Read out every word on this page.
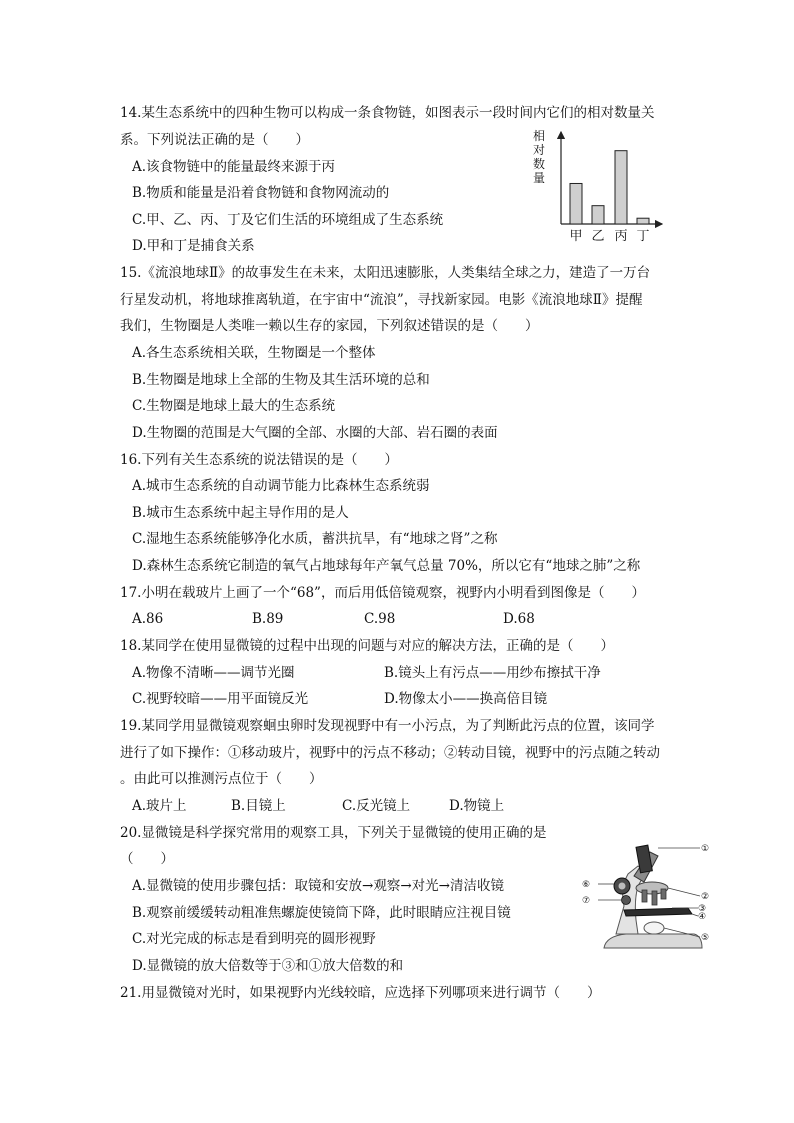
14.某生态系统中的四种生物可以构成一条食物链，如图表示一段时间内它们的相对数量关
系。下列说法正确的是（　　）
A.该食物链中的能量最终来源于丙
B.物质和能量是沿着食物链和食物网流动的
C.甲、乙、丙、丁及它们生活的环境组成了生态系统
D.甲和丁是捕食关系
相对数量
甲 乙 丙 丁
15.《流浪地球Ⅱ》的故事发生在未来，太阳迅速膨胀，人类集结全球之力，建造了一万台
行星发动机，将地球推离轨道，在宇宙中“流浪”，寻找新家园。电影《流浪地球Ⅱ》提醒
我们，生物圈是人类唯一赖以生存的家园，下列叙述错误的是（　　）
A.各生态系统相关联，生物圈是一个整体
B.生物圈是地球上全部的生物及其生活环境的总和
C.生物圈是地球上最大的生态系统
D.生物圈的范围是大气圈的全部、水圈的大部、岩石圈的表面
16.下列有关生态系统的说法错误的是（　　）
A.城市生态系统的自动调节能力比森林生态系统弱
B.城市生态系统中起主导作用的是人
C.湿地生态系统能够净化水质，蓄洪抗旱，有“地球之肾”之称
D.森林生态系统它制造的氧气占地球每年产氧气总量 70%，所以它有“地球之肺”之称
17.小明在载玻片上画了一个“68”，而后用低倍镜观察，视野内小明看到图像是（　　）
A.86	B.89	C.98	D.68
18.某同学在使用显微镜的过程中出现的问题与对应的解决方法，正确的是（　　）
A.物像不清晰——调节光圈	B.镜头上有污点——用纱布擦拭干净
C.视野较暗——用平面镜反光	D.物像太小——换高倍目镜
19.某同学用显微镜观察蛔虫卵时发现视野中有一小污点，为了判断此污点的位置，该同学
进行了如下操作：①移动玻片，视野中的污点不移动；②转动目镜，视野中的污点随之转动
。由此可以推测污点位于（　　）
A.玻片上	B.目镜上	C.反光镜上	D.物镜上
20.显微镜是科学探究常用的观察工具，下列关于显微镜的使用正确的是
（　　）
A.显微镜的使用步骤包括：取镜和安放→观察→对光→清洁收镜
B.观察前缓缓转动粗准焦螺旋使镜筒下降，此时眼睛应注视目镜
C.对光完成的标志是看到明亮的圆形视野
D.显微镜的放大倍数等于③和①放大倍数的和
①
②
③
④
⑤
⑥
⑦
21.用显微镜对光时，如果视野内光线较暗，应选择下列哪项来进行调节（　　）
